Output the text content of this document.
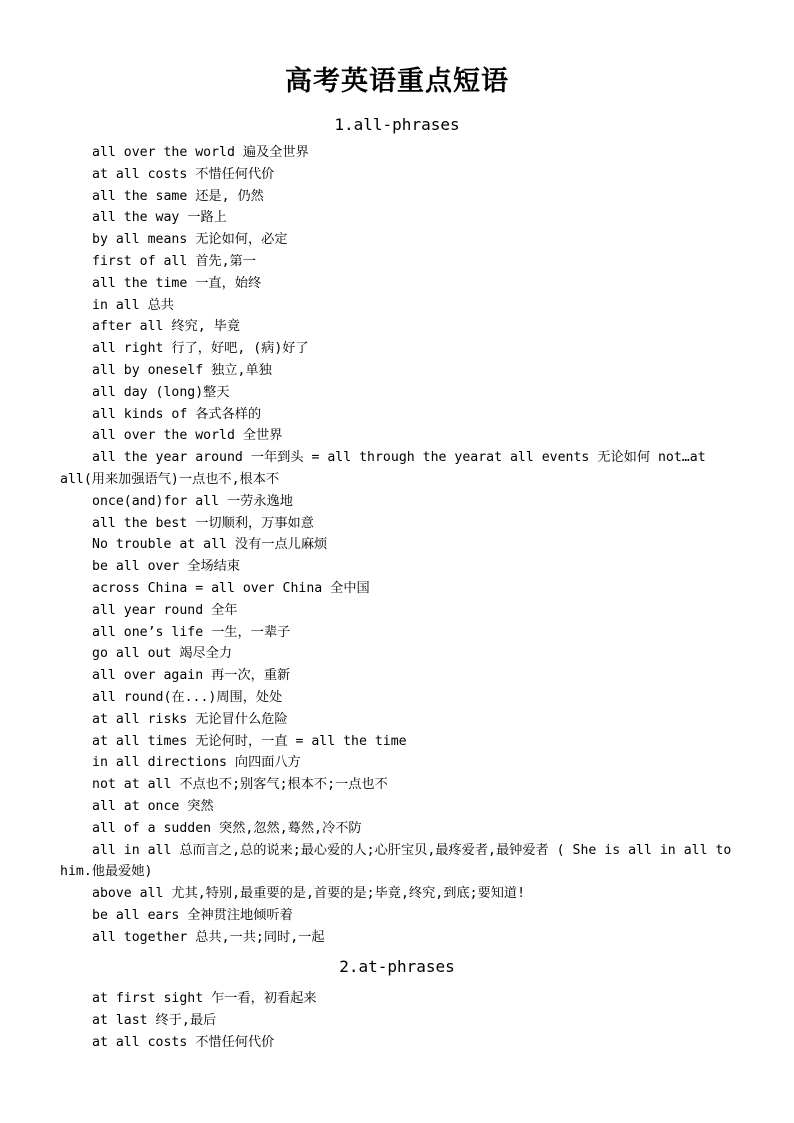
高考英语重点短语
1.all-phrases
all over the world 遍及全世界
at all costs 不惜任何代价
all the same 还是, 仍然
all the way 一路上
by all means 无论如何，必定
first of all 首先,第一
all the time 一直，始终
in all 总共
after all 终究, 毕竟
all right 行了，好吧, (病)好了
all by oneself 独立,单独
all day (long)整天
all kinds of 各式各样的
all over the world 全世界
all the year around 一年到头 = all through the yearat all events 无论如何 not…at all(用来加强语气)一点也不,根本不
once(and)for all 一劳永逸地
all the best 一切顺利，万事如意
No trouble at all 没有一点儿麻烦
be all over 全场结束
across China = all over China 全中国
all year round 全年
all one’s life 一生，一辈子
go all out 竭尽全力
all over again 再一次，重新
all round(在...)周围，处处
at all risks 无论冒什么危险
at all times 无论何时，一直 = all the time
in all directions 向四面八方
not at all 不点也不;别客气;根本不;一点也不
all at once 突然
all of a sudden 突然,忽然,蓦然,冷不防
all in all 总而言之,总的说来;最心爱的人;心肝宝贝,最疼爱者,最钟爱者 ( She is all in all to him.他最爱她)
above all 尤其,特别,最重要的是,首要的是;毕竟,终究,到底;要知道!
be all ears 全神贯注地倾听着
all together 总共,一共;同时,一起
2.at-phrases
at first sight 乍一看，初看起来
at last 终于,最后
at all costs 不惜任何代价
